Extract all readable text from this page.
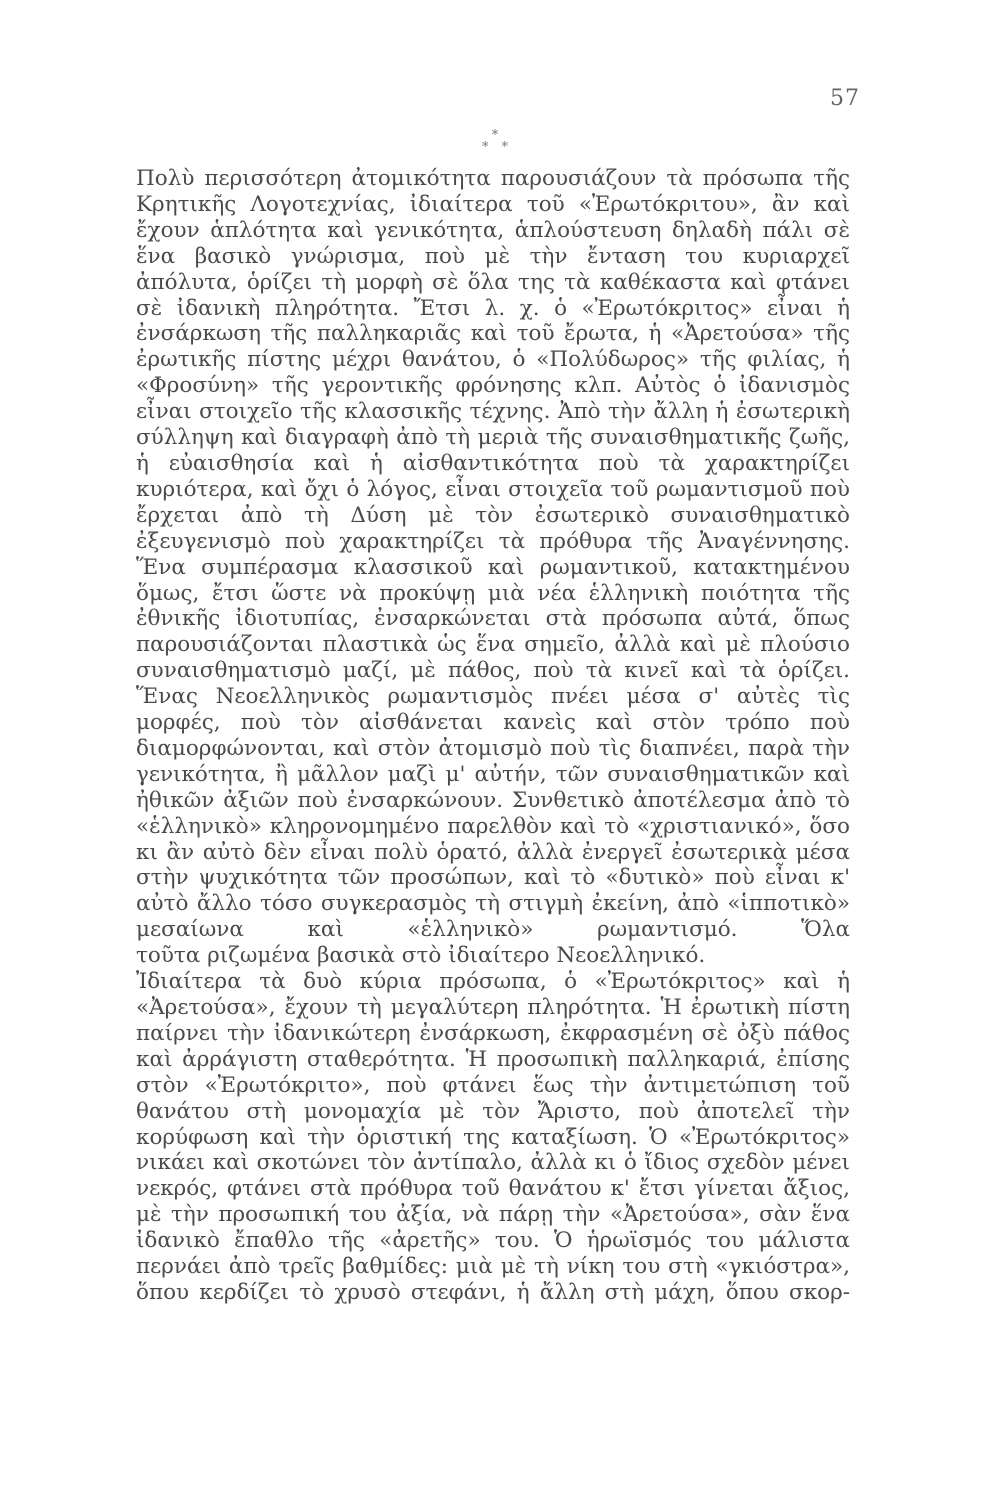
57
*
* *

Πολὺ περισσότερη ἀτομικότητα παρουσιάζουν τὰ πρόσωπα τῆς Κρητικῆς Λογοτεχνίας, ἰδιαίτερα τοῦ «Ἐρωτόκριτου», ἂν καὶ ἔχουν ἁπλότητα καὶ γενικότητα, ἁπλούστευση δηλαδὴ πάλι σὲ ἕνα βασικὸ γνώρισμα, ποὺ μὲ τὴν ἔνταση του κυριαρχεῖ ἀπόλυτα, ὁρίζει τὴ μορφὴ σὲ ὅλα της τὰ καθέκαστα καὶ φτάνει σὲ ἰδανικὴ πληρότητα. Ἔτσι λ. χ. ὁ «Ἐρωτόκριτος» εἶναι ἡ ἐνσάρκωση τῆς παλληκαριᾶς καὶ τοῦ ἔρωτα, ἡ «Ἀρετούσα» τῆς ἐρωτικῆς πίστης μέχρι θανάτου, ὁ «Πολύδωρος» τῆς φιλίας, ἡ «Φροσύνη» τῆς γεροντικῆς φρόνησης κλπ. Αὐτὸς ὁ ἰδανισμὸς εἶναι στοιχεῖο τῆς κλασσικῆς τέχνης. Ἀπὸ τὴν ἄλλη ἡ ἐσωτερικὴ σύλληψη καὶ διαγραφὴ ἀπὸ τὴ μεριὰ τῆς συναισθηματικῆς ζωῆς, ἡ εὐαισθησία καὶ ἡ αἰσθαντικότητα ποὺ τὰ χαρακτηρίζει κυριότερα, καὶ ὄχι ὁ λόγος, εἶναι στοιχεῖα τοῦ ρωμαντισμοῦ ποὺ ἔρχεται ἀπὸ τὴ Δύση μὲ τὸν ἐσωτερικὸ συναισθηματικὸ ἐξευγενισμὸ ποὺ χαρακτηρίζει τὰ πρόθυρα τῆς Ἀναγέννησης. Ἕνα συμπέρασμα κλασσικοῦ καὶ ρωμαντικοῦ, κατακτημένου ὅμως, ἔτσι ὥστε νὰ προκύψῃ μιὰ νέα ἑλληνικὴ ποιότητα τῆς ἐθνικῆς ἰδιοτυπίας, ἐνσαρκώνεται στὰ πρόσωπα αὐτά, ὅπως παρουσιάζονται πλαστικὰ ὡς ἕνα σημεῖο, ἀλλὰ καὶ μὲ πλούσιο συναισθηματισμὸ μαζί, μὲ πάθος, ποὺ τὰ κινεῖ καὶ τὰ ὁρίζει. Ἕνας Νεοελληνικὸς ρωμαντισμὸς πνέει μέσα σ' αὐτὲς τὶς μορφές, ποὺ τὸν αἰσθάνεται κανεὶς καὶ στὸν τρόπο ποὺ διαμορφώνονται, καὶ στὸν ἀτομισμὸ ποὺ τὶς διαπνέει, παρὰ τὴν γενικότητα, ἢ μᾶλλον μαζὶ μ' αὐτήν, τῶν συναισθηματικῶν καὶ ἠθικῶν ἀξιῶν ποὺ ἐνσαρκώνουν. Συνθετικὸ ἀποτέλεσμα ἀπὸ τὸ «ἑλληνικὸ» κληρονομημένο παρελθὸν καὶ τὸ «χριστιανικό», ὅσο κι ἂν αὐτὸ δὲν εἶναι πολὺ ὁρατό, ἀλλὰ ἐνεργεῖ ἐσωτερικὰ μέσα στὴν ψυχικότητα τῶν προσώπων, καὶ τὸ «δυτικὸ» ποὺ εἶναι κ' αὐτὸ ἄλλο τόσο συγκερασμὸς τὴ στιγμὴ ἐκείνη, ἀπὸ «ἱπποτικὸ» μεσαίωνα καὶ «ἑλληνικὸ» ρωμαντισμό. Ὅλα

τοῦτα ριζωμένα βασικὰ στὸ ἰδιαίτερο Νεοελληνικό.

Ἰδιαίτερα τὰ δυὸ κύρια πρόσωπα, ὁ «Ἐρωτόκριτος» καὶ ἡ «Ἀρετούσα», ἔχουν τὴ μεγαλύτερη πληρότητα. Ἡ ἐρωτικὴ πίστη παίρνει τὴν ἰδανικώτερη ἐνσάρκωση, ἐκφρασμένη σὲ ὀξὺ πάθος καὶ ἀρράγιστη σταθερότητα. Ἡ προσωπικὴ παλληκαριά, ἐπίσης στὸν «Ἐρωτόκριτο», ποὺ φτάνει ἕως τὴν ἀντιμετώπιση τοῦ θανάτου στὴ μονομαχία μὲ τὸν Ἄριστο, ποὺ ἀποτελεῖ τὴν κορύφωση καὶ τὴν ὁριστική της καταξίωση. Ὁ «Ἐρωτόκριτος» νικάει καὶ σκοτώνει τὸν ἀντίπαλο, ἀλλὰ κι ὁ ἴδιος σχεδὸν μένει νεκρός, φτάνει στὰ πρόθυρα τοῦ θανάτου κ' ἔτσι γίνεται ἄξιος, μὲ τὴν προσωπική του ἀξία, νὰ πάρῃ τὴν «Ἀρετούσα», σὰν ἕνα ἰδανικὸ ἔπαθλο τῆς «ἀρετῆς» του. Ὁ ἡρωϊσμός του μάλιστα περνάει ἀπὸ τρεῖς βαθμίδες: μιὰ μὲ τὴ νίκη του στὴ «γκιόστρα», ὅπου κερδίζει τὸ χρυσὸ στεφάνι, ἡ ἄλλη στὴ μάχη, ὅπου σκορ-
